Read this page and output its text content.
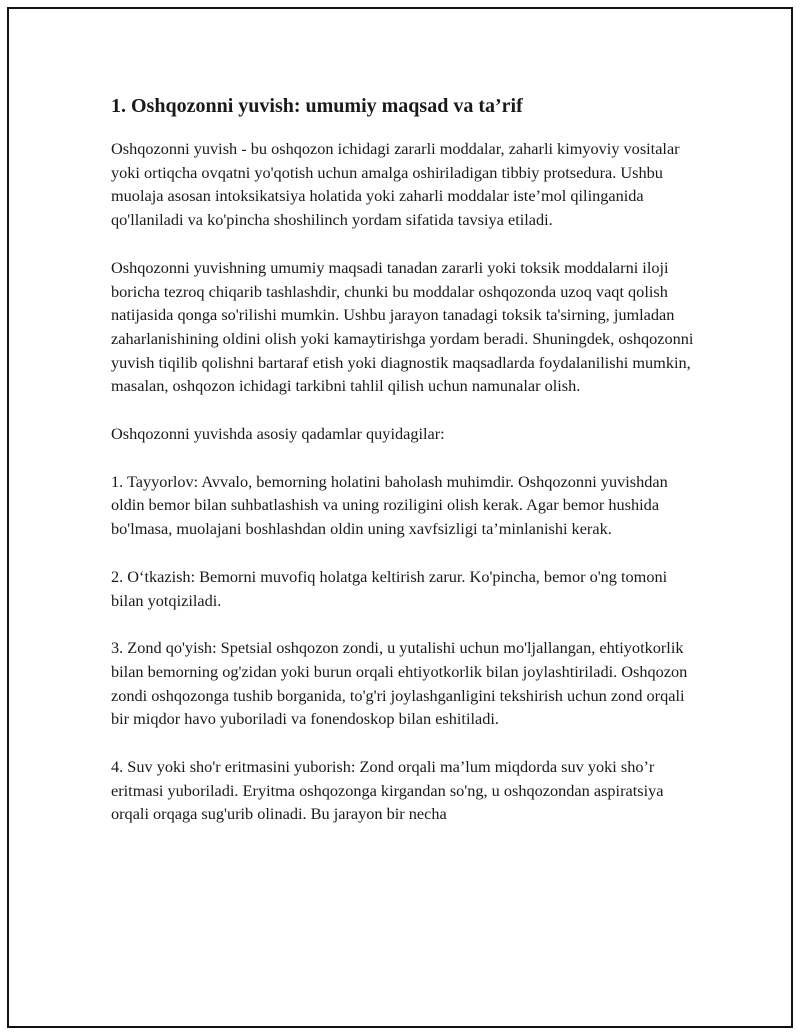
1. Oshqozonni yuvish: umumiy maqsad va ta’rif

Oshqozonni yuvish - bu oshqozon ichidagi zararli moddalar, zaharli kimyoviy vositalar yoki ortiqcha ovqatni yo'qotish uchun amalga oshiriladigan tibbiy protsedura. Ushbu muolaja asosan intoksikatsiya holatida yoki zaharli moddalar iste’mol qilinganida qo'llaniladi va ko'pincha shoshilinch yordam sifatida tavsiya etiladi.

Oshqozonni yuvishning umumiy maqsadi tanadan zararli yoki toksik moddalarni iloji boricha tezroq chiqarib tashlashdir, chunki bu moddalar oshqozonda uzoq vaqt qolish natijasida qonga so'rilishi mumkin. Ushbu jarayon tanadagi toksik ta'sirning, jumladan zaharlanishining oldini olish yoki kamaytirishga yordam beradi. Shuningdek, oshqozonni yuvish tiqilib qolishni bartaraf etish yoki diagnostik maqsadlarda foydalanilishi mumkin, masalan, oshqozon ichidagi tarkibni tahlil qilish uchun namunalar olish.

Oshqozonni yuvishda asosiy qadamlar quyidagilar:

1. Tayyorlov: Avvalo, bemorning holatini baholash muhimdir. Oshqozonni yuvishdan oldin bemor bilan suhbatlashish va uning roziligini olish kerak. Agar bemor hushida bo'lmasa, muolajani boshlashdan oldin uning xavfsizligi ta’minlanishi kerak.

2. O‘tkazish: Bemorni muvofiq holatga keltirish zarur. Ko'pincha, bemor o'ng tomoni bilan yotqiziladi.

3. Zond qo'yish: Spetsial oshqozon zondi, u yutalishi uchun mo'ljallangan, ehtiyotkorlik bilan bemorning og'zidan yoki burun orqali ehtiyotkorlik bilan joylashtiriladi. Oshqozon zondi oshqozonga tushib borganida, to'g'ri joylashganligini tekshirish uchun zond orqali bir miqdor havo yuboriladi va fonendoskop bilan eshitiladi.

4. Suv yoki sho'r eritmasini yuborish: Zond orqali ma’lum miqdorda suv yoki sho’r eritmasi yuboriladi. Eryitma oshqozonga kirgandan so'ng, u oshqozondan aspiratsiya orqali orqaga sug'urib olinadi. Bu jarayon bir necha
